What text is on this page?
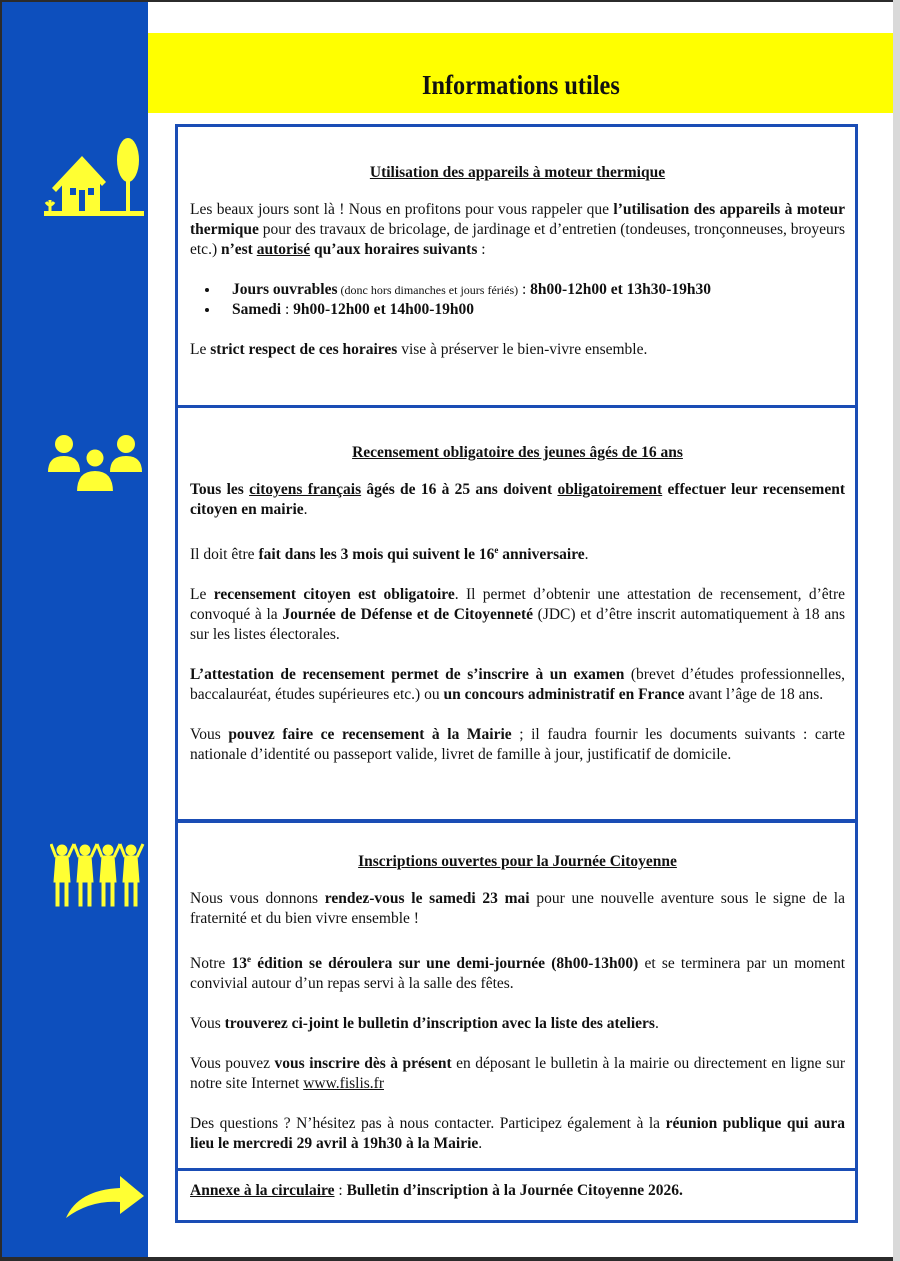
Informations utiles
Utilisation des appareils à moteur thermique

Les beaux jours sont là ! Nous en profitons pour vous rappeler que l’utilisation des appareils à moteur thermique pour des travaux de bricolage, de jardinage et d’entretien (tondeuses, tronçonneuses, broyeurs etc.) n’est autorisé qu’aux horaires suivants :

• Jours ouvrables (donc hors dimanches et jours fériés) : 8h00-12h00 et 13h30-19h30
• Samedi : 9h00-12h00 et 14h00-19h00

Le strict respect de ces horaires vise à préserver le bien-vivre ensemble.

Recensement obligatoire des jeunes âgés de 16 ans

Tous les citoyens français âgés de 16 à 25 ans doivent obligatoirement effectuer leur recensement citoyen en mairie.

Il doit être fait dans les 3 mois qui suivent le 16e anniversaire.

Le recensement citoyen est obligatoire. Il permet d’obtenir une attestation de recensement, d’être convoqué à la Journée de Défense et de Citoyenneté (JDC) et d’être inscrit automatiquement à 18 ans sur les listes électorales.

L’attestation de recensement permet de s’inscrire à un examen (brevet d’études professionnelles, baccalauréat, études supérieures etc.) ou un concours administratif en France avant l’âge de 18 ans.

Vous pouvez faire ce recensement à la Mairie ; il faudra fournir les documents suivants : carte nationale d’identité ou passeport valide, livret de famille à jour, justificatif de domicile.

Inscriptions ouvertes pour la Journée Citoyenne

Nous vous donnons rendez-vous le samedi 23 mai pour une nouvelle aventure sous le signe de la fraternité et du bien vivre ensemble !

Notre 13e édition se déroulera sur une demi-journée (8h00-13h00) et se terminera par un moment convivial autour d’un repas servi à la salle des fêtes.

Vous trouverez ci-joint le bulletin d’inscription avec la liste des ateliers.

Vous pouvez vous inscrire dès à présent en déposant le bulletin à la mairie ou directement en ligne sur notre site Internet www.fislis.fr

Des questions ? N’hésitez pas à nous contacter. Participez également à la réunion publique qui aura lieu le mercredi 29 avril à 19h30 à la Mairie.

Annexe à la circulaire : Bulletin d’inscription à la Journée Citoyenne 2026.
